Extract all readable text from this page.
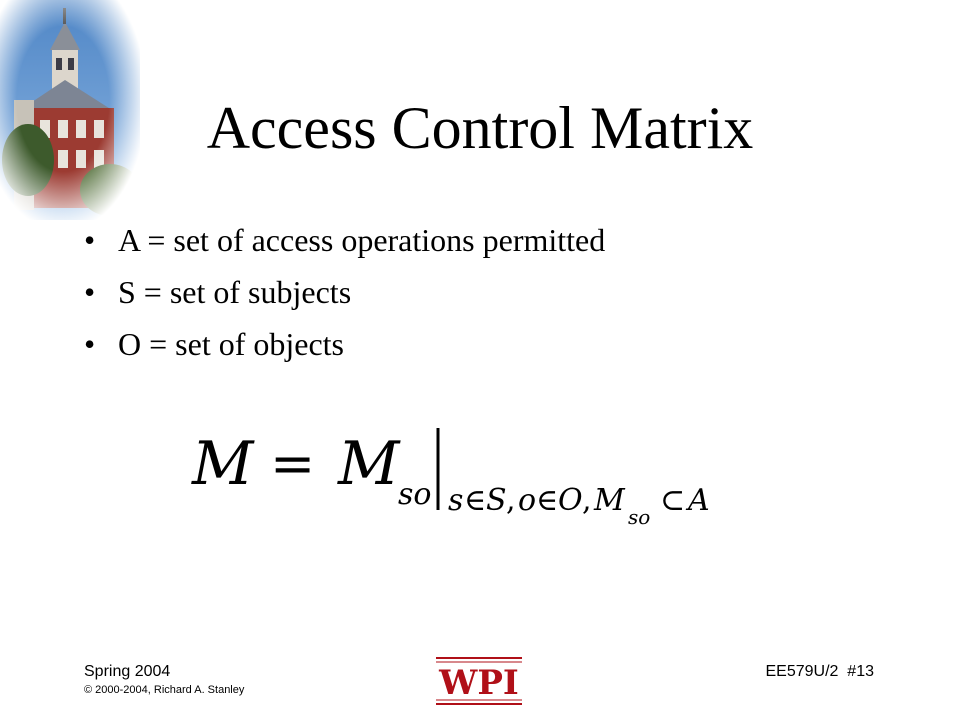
Access Control Matrix
• A = set of access operations permitted
• S = set of subjects
• O = set of objects
M = M
so s ∈ S , o ∈ O , M so ⊂ A
Spring 2004
© 2000-2004, Richard A. Stanley	WPI	EE579U/2  #13
